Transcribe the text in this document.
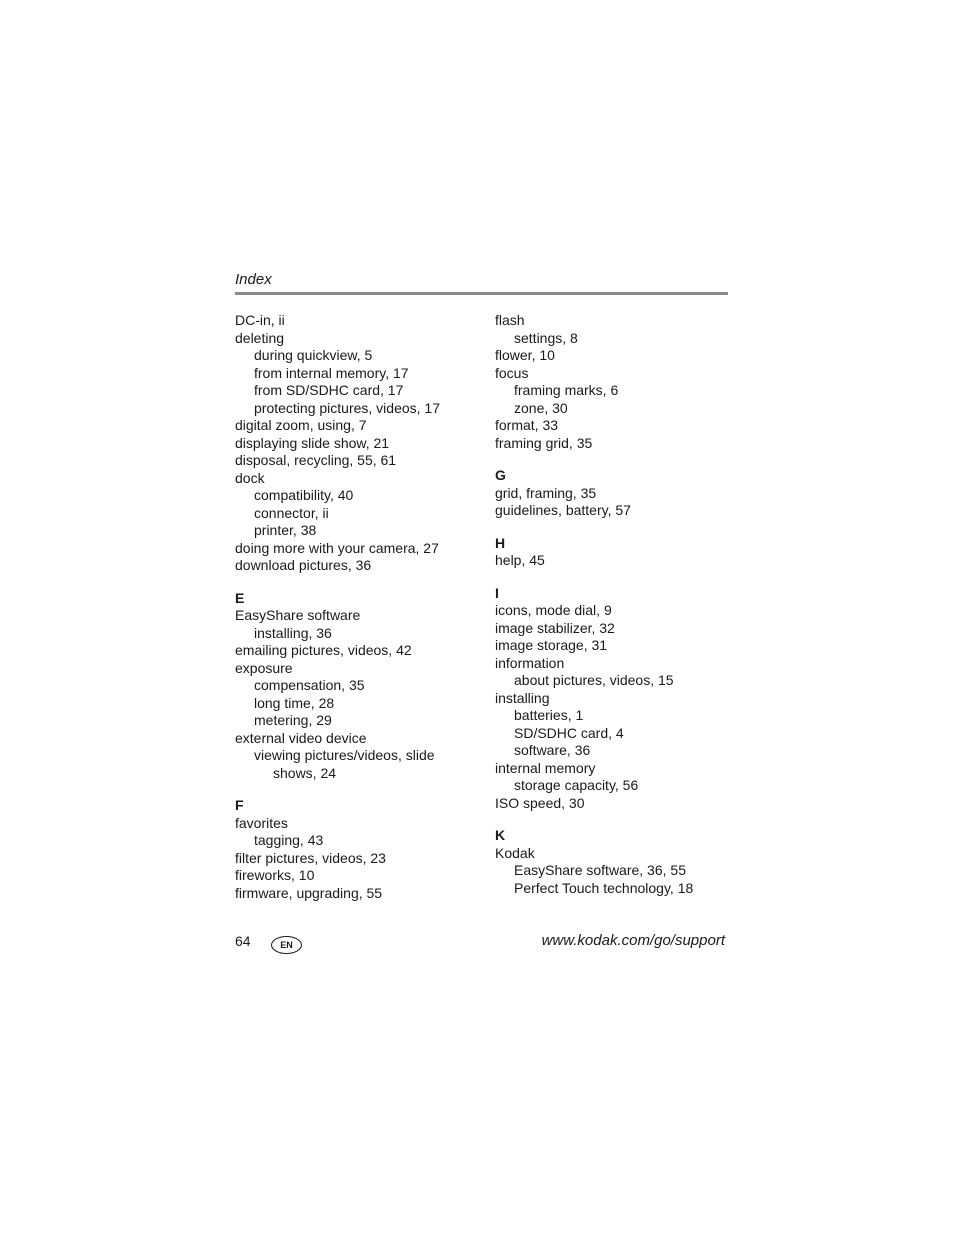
Index
DC-in, ii
deleting
during quickview, 5
from internal memory, 17
from SD/SDHC card, 17
protecting pictures, videos, 17
digital zoom, using, 7
displaying slide show, 21
disposal, recycling, 55, 61
dock
compatibility, 40
connector, ii
printer, 38
doing more with your camera, 27
download pictures, 36
E
EasyShare software
installing, 36
emailing pictures, videos, 42
exposure
compensation, 35
long time, 28
metering, 29
external video device
viewing pictures/videos, slide
shows, 24
F
favorites
tagging, 43
filter pictures, videos, 23
fireworks, 10
firmware, upgrading, 55
flash
settings, 8
flower, 10
focus
framing marks, 6
zone, 30
format, 33
framing grid, 35
G
grid, framing, 35
guidelines, battery, 57
H
help, 45
I
icons, mode dial, 9
image stabilizer, 32
image storage, 31
information
about pictures, videos, 15
installing
batteries, 1
SD/SDHC card, 4
software, 36
internal memory
storage capacity, 56
ISO speed, 30
K
Kodak
EasyShare software, 36, 55
Perfect Touch technology, 18
64	EN	www.kodak.com/go/support
